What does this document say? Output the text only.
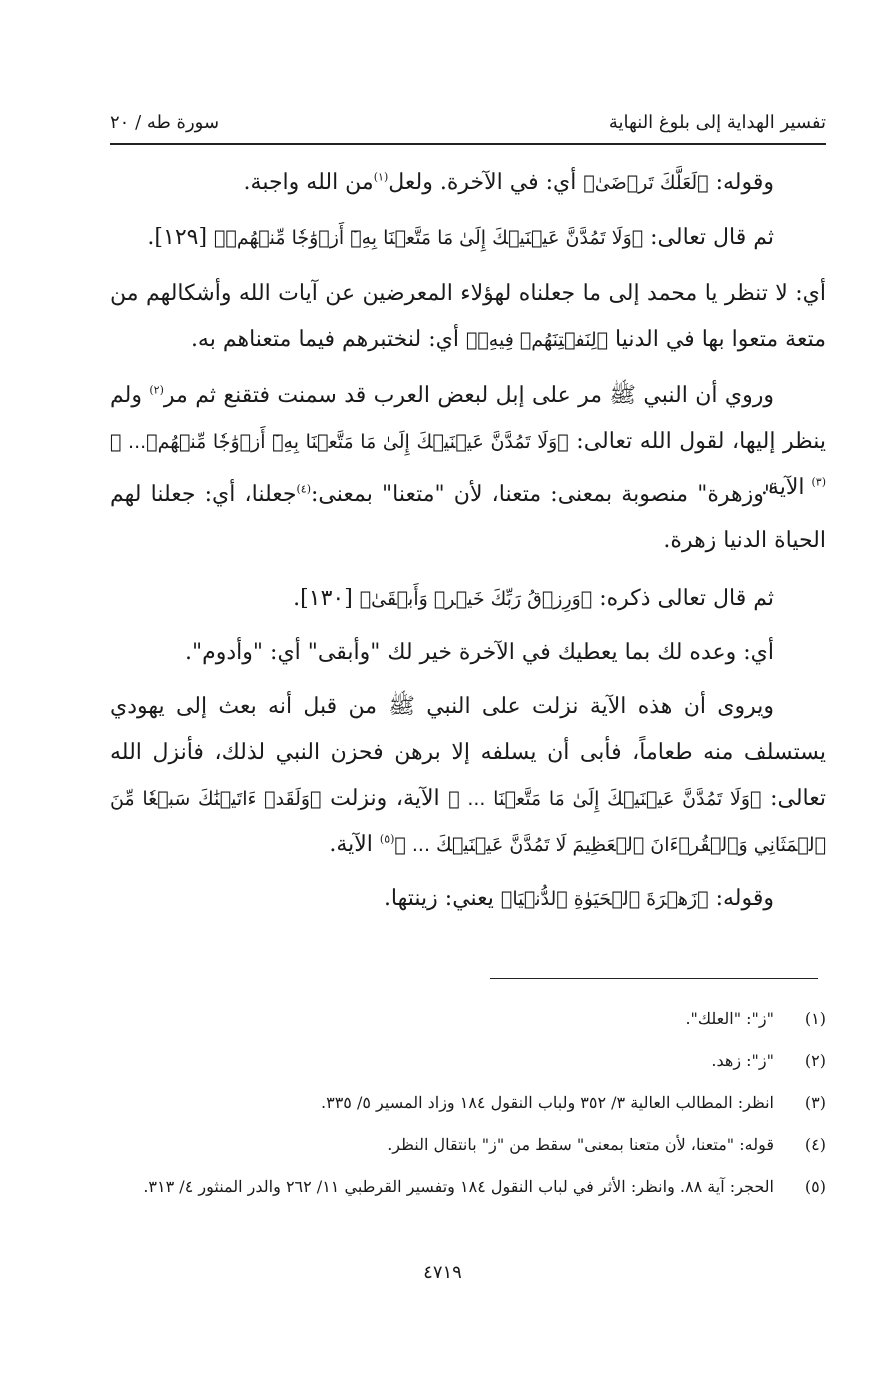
تفسير الهداية إلى بلوغ النهاية
سورة طه / ٢٠

وقوله: ﴿لَعَلَّكَ تَرۡضَىٰ﴾ أي: في الآخرة. ولعل$^{(١)}$من الله واجبة.

ثم قال تعالى: ﴿وَلَا تَمُدَّنَّ عَيۡنَيۡكَ إِلَىٰ مَا مَتَّعۡنَا بِهِۦٓ أَزۡوَٰجٗا مِّنۡهُمۡ﴾ [١٢٩].

أي: لا تنظر يا محمد إلى ما جعلناه لهؤلاء المعرضين عن آيات الله وأشكالهم من متعة متعوا بها في الدنيا ﴿لِنَفۡتِنَهُمۡ فِيهِۚ﴾ أي: لنختبرهم فيما متعناهم به.

وروي أن النبي ﷺ مر على إبل لبعض العرب قد سمنت فتقنع ثم مر$^{(٢)}$ ولم ينظر إليها، لقول الله تعالى: ﴿وَلَا تَمُدَّنَّ عَيۡنَيۡكَ إِلَىٰ مَا مَتَّعۡنَا بِهِۦٓ أَزۡوَٰجٗا مِّنۡهُمۡ... ﴾$^{(٣)}$ الآية.

"وزهرة" منصوبة بمعنى: متعنا، لأن "متعنا" بمعنى:$^{(٤)}$جعلنا، أي: جعلنا لهم الحياة الدنيا زهرة.

ثم قال تعالى ذكره: ﴿وَرِزۡقُ رَبِّكَ خَيۡرٞ وَأَبۡقَىٰ﴾ [١٣٠].

أي: وعده لك بما يعطيك في الآخرة خير لك "وأبقى" أي: "وأدوم".

ويروى أن هذه الآية نزلت على النبي ﷺ من قبل أنه بعث إلى يهودي يستسلف منه طعاماً، فأبى أن يسلفه إلا برهن فحزن النبي لذلك، فأنزل الله تعالى: ﴿وَلَا تَمُدَّنَّ عَيۡنَيۡكَ إِلَىٰ مَا مَتَّعۡنَا ... ﴾ الآية، ونزلت ﴿وَلَقَدۡ ءَاتَيۡنَٰكَ سَبۡعٗا مِّنَ ٱلۡمَثَانِي وَٱلۡقُرۡءَانَ ٱلۡعَظِيمَ لَا تَمُدَّنَّ عَيۡنَيۡكَ ... ﴾$^{(٥)}$ الآية.

وقوله: ﴿زَهۡرَةَ ٱلۡحَيَوٰةِ ٱلدُّنۡيَا﴾ يعني: زينتها.

(١)
"ز": "العلك".
(٢)
"ز": زهد.
(٣)
انظر: المطالب العالية ٣/ ٣٥٢ ولباب النقول ١٨٤ وزاد المسير ٥/ ٣٣٥.
(٤)
قوله: "متعنا، لأن متعنا بمعنى" سقط من "ز" بانتقال النظر.
(٥)
الحجر: آية ٨٨. وانظر: الأثر في لباب النقول ١٨٤ وتفسير القرطبي ١١/ ٢٦٢ والدر المنثور ٤/ ٣١٣.
٤٧١٩
